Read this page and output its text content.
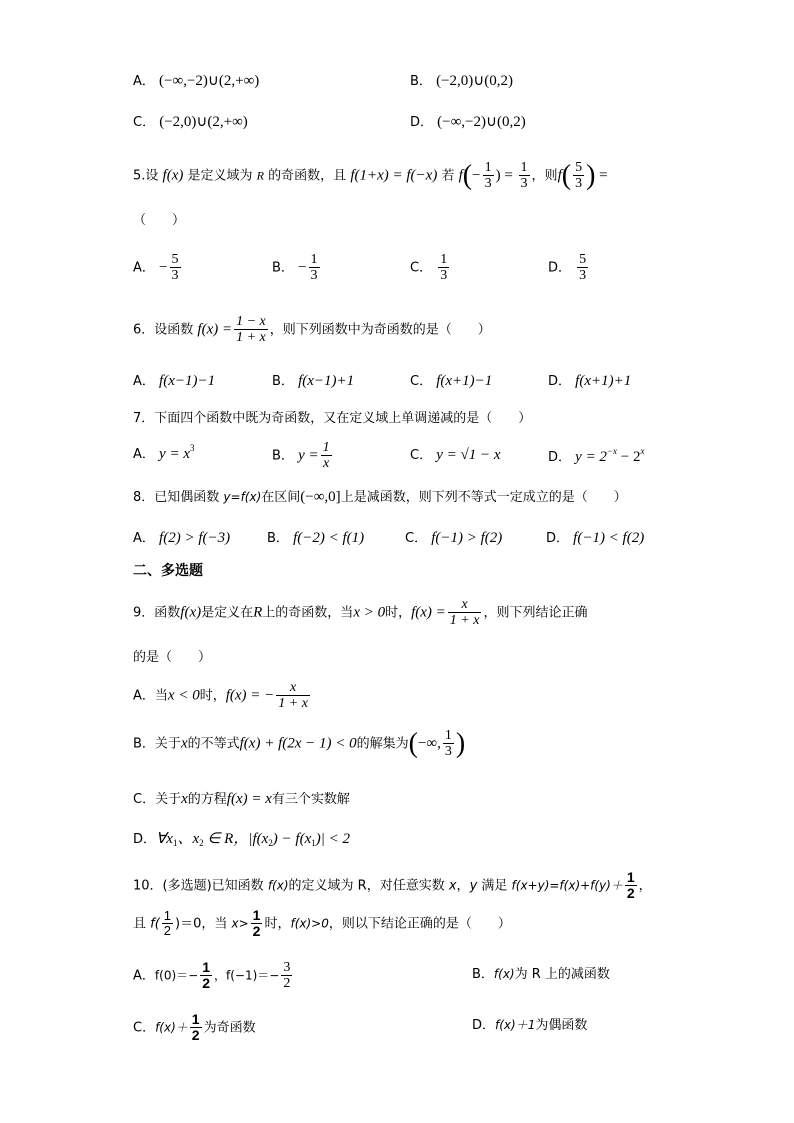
A． (−∞,−2)∪(2,+∞)	B． (−2,0)∪(0,2)
C． (−2,0)∪(2,+∞)	D． (−∞,−2)∪(0,2)
5.设 f(x) 是定义域为 R 的奇函数，且 f(1+x) = f(−x) 若 $f(- \frac{1}{3}$ ) = $\frac{1}{3}$ ，则$f( \frac{5}{3}$ ) =
（　　）
A． − $\frac{5}{3}$	B． − $\frac{1}{3}$	C． $\frac{1}{3}$	D． $\frac{5}{3}$
6．设函数 $f(x) = \frac{1 - x}{1 + x}$ ，则下列函数中为奇函数的是（　　）
A． f(x−1)−1	B． f(x−1)+1	C． f(x+1)−1	D． f(x+1)+1
7．下面四个函数中既为奇函数，又在定义域上单调递减的是（　　）
A． $y = x^3$
B． $y = \frac{1}{x}$	C． y = √1 − x	D． $y = 2^{-x} - 2^x$
8．已知偶函数 y=f(x)在区间(−∞,0]上是减函数，则下列不等式一定成立的是（　　）
A． f(2) > f(−3)	B． f(−2) < f(1)	C． f(−1) > f(2)	D． f(−1) < f(2)
二、多选题
9．函数f(x)是定义在R上的奇函数，当x > 0时，$f(x) = \frac{x}{1 + x}$ ，则下列结论正确
的是（　　）
A．当x < 0时，f(x) = − $\frac{x}{1 + x}$
B．关于x的不等式f(x) + f(2x − 1) < 0的解集为(−∞, $\frac{1}{3}$ )
C．关于x的方程f(x) = x有三个实数解
D．$\forall x_1$、$x_2$ ∈ R，$|f(x_2) - f(x_1)| < 2$
10．(多选题)已知函数 f(x)的定义域为 R，对任意实数 x，y 满足 $f(x+y)=f(x)+f(y)+ \frac{1}{2}$ ，
且 $f( \frac{1}{2} )=0$，当 $x> \frac{1}{2}$ 时，f(x)>0，则以下结论正确的是（　　）
A．$f(0)=- \frac{1}{2}$ ，$f(-1)=- \frac{3}{2}$	B．f(x)为 R 上的减函数
C．$f(x)+ \frac{1}{2}$ 为奇函数	D．f(x)＋1为偶函数
